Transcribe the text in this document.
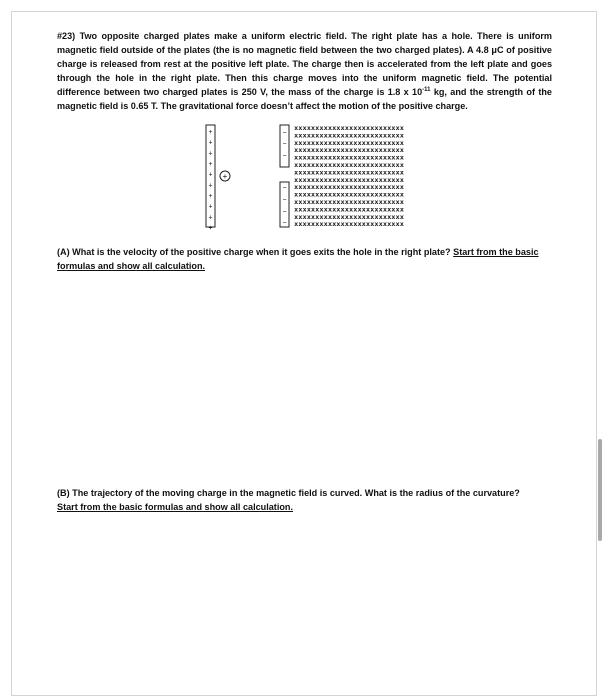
#23) Two opposite charged plates make a uniform electric field. The right plate has a hole. There is uniform magnetic field outside of the plates (the is no magnetic field between the two charged plates). A 4.8 μC of positive charge is released from rest at the positive left plate. The charge then is accelerated from the left plate and goes through the hole in the right plate. Then this charge moves into the uniform magnetic field. The potential difference between two charged plates is 250 V, the mass of the charge is 1.8 x $10^{-11}$ kg, and the strength of the magnetic field is 0.65 T. The gravitational force doesn’t affect the motion of the positive charge.

+
+
+
+
+
+
+
+
+
+
+
−
−
−
−
−
−
−
xxxxxxxxxxxxxxxxxxxxxxxxxx
xxxxxxxxxxxxxxxxxxxxxxxxxx
xxxxxxxxxxxxxxxxxxxxxxxxxx
xxxxxxxxxxxxxxxxxxxxxxxxxx
xxxxxxxxxxxxxxxxxxxxxxxxxx
xxxxxxxxxxxxxxxxxxxxxxxxxx
xxxxxxxxxxxxxxxxxxxxxxxxxx
xxxxxxxxxxxxxxxxxxxxxxxxxx
xxxxxxxxxxxxxxxxxxxxxxxxxx
xxxxxxxxxxxxxxxxxxxxxxxxxx
xxxxxxxxxxxxxxxxxxxxxxxxxx
xxxxxxxxxxxxxxxxxxxxxxxxxx
xxxxxxxxxxxxxxxxxxxxxxxxxx
xxxxxxxxxxxxxxxxxxxxxxxxxx

(A) What is the velocity of the positive charge when it goes exits the hole in the right plate? Start from the basic formulas and show all calculation.

(B) The trajectory of the moving charge in the magnetic field is curved. What is the radius of the curvature?
Start from the basic formulas and show all calculation.
